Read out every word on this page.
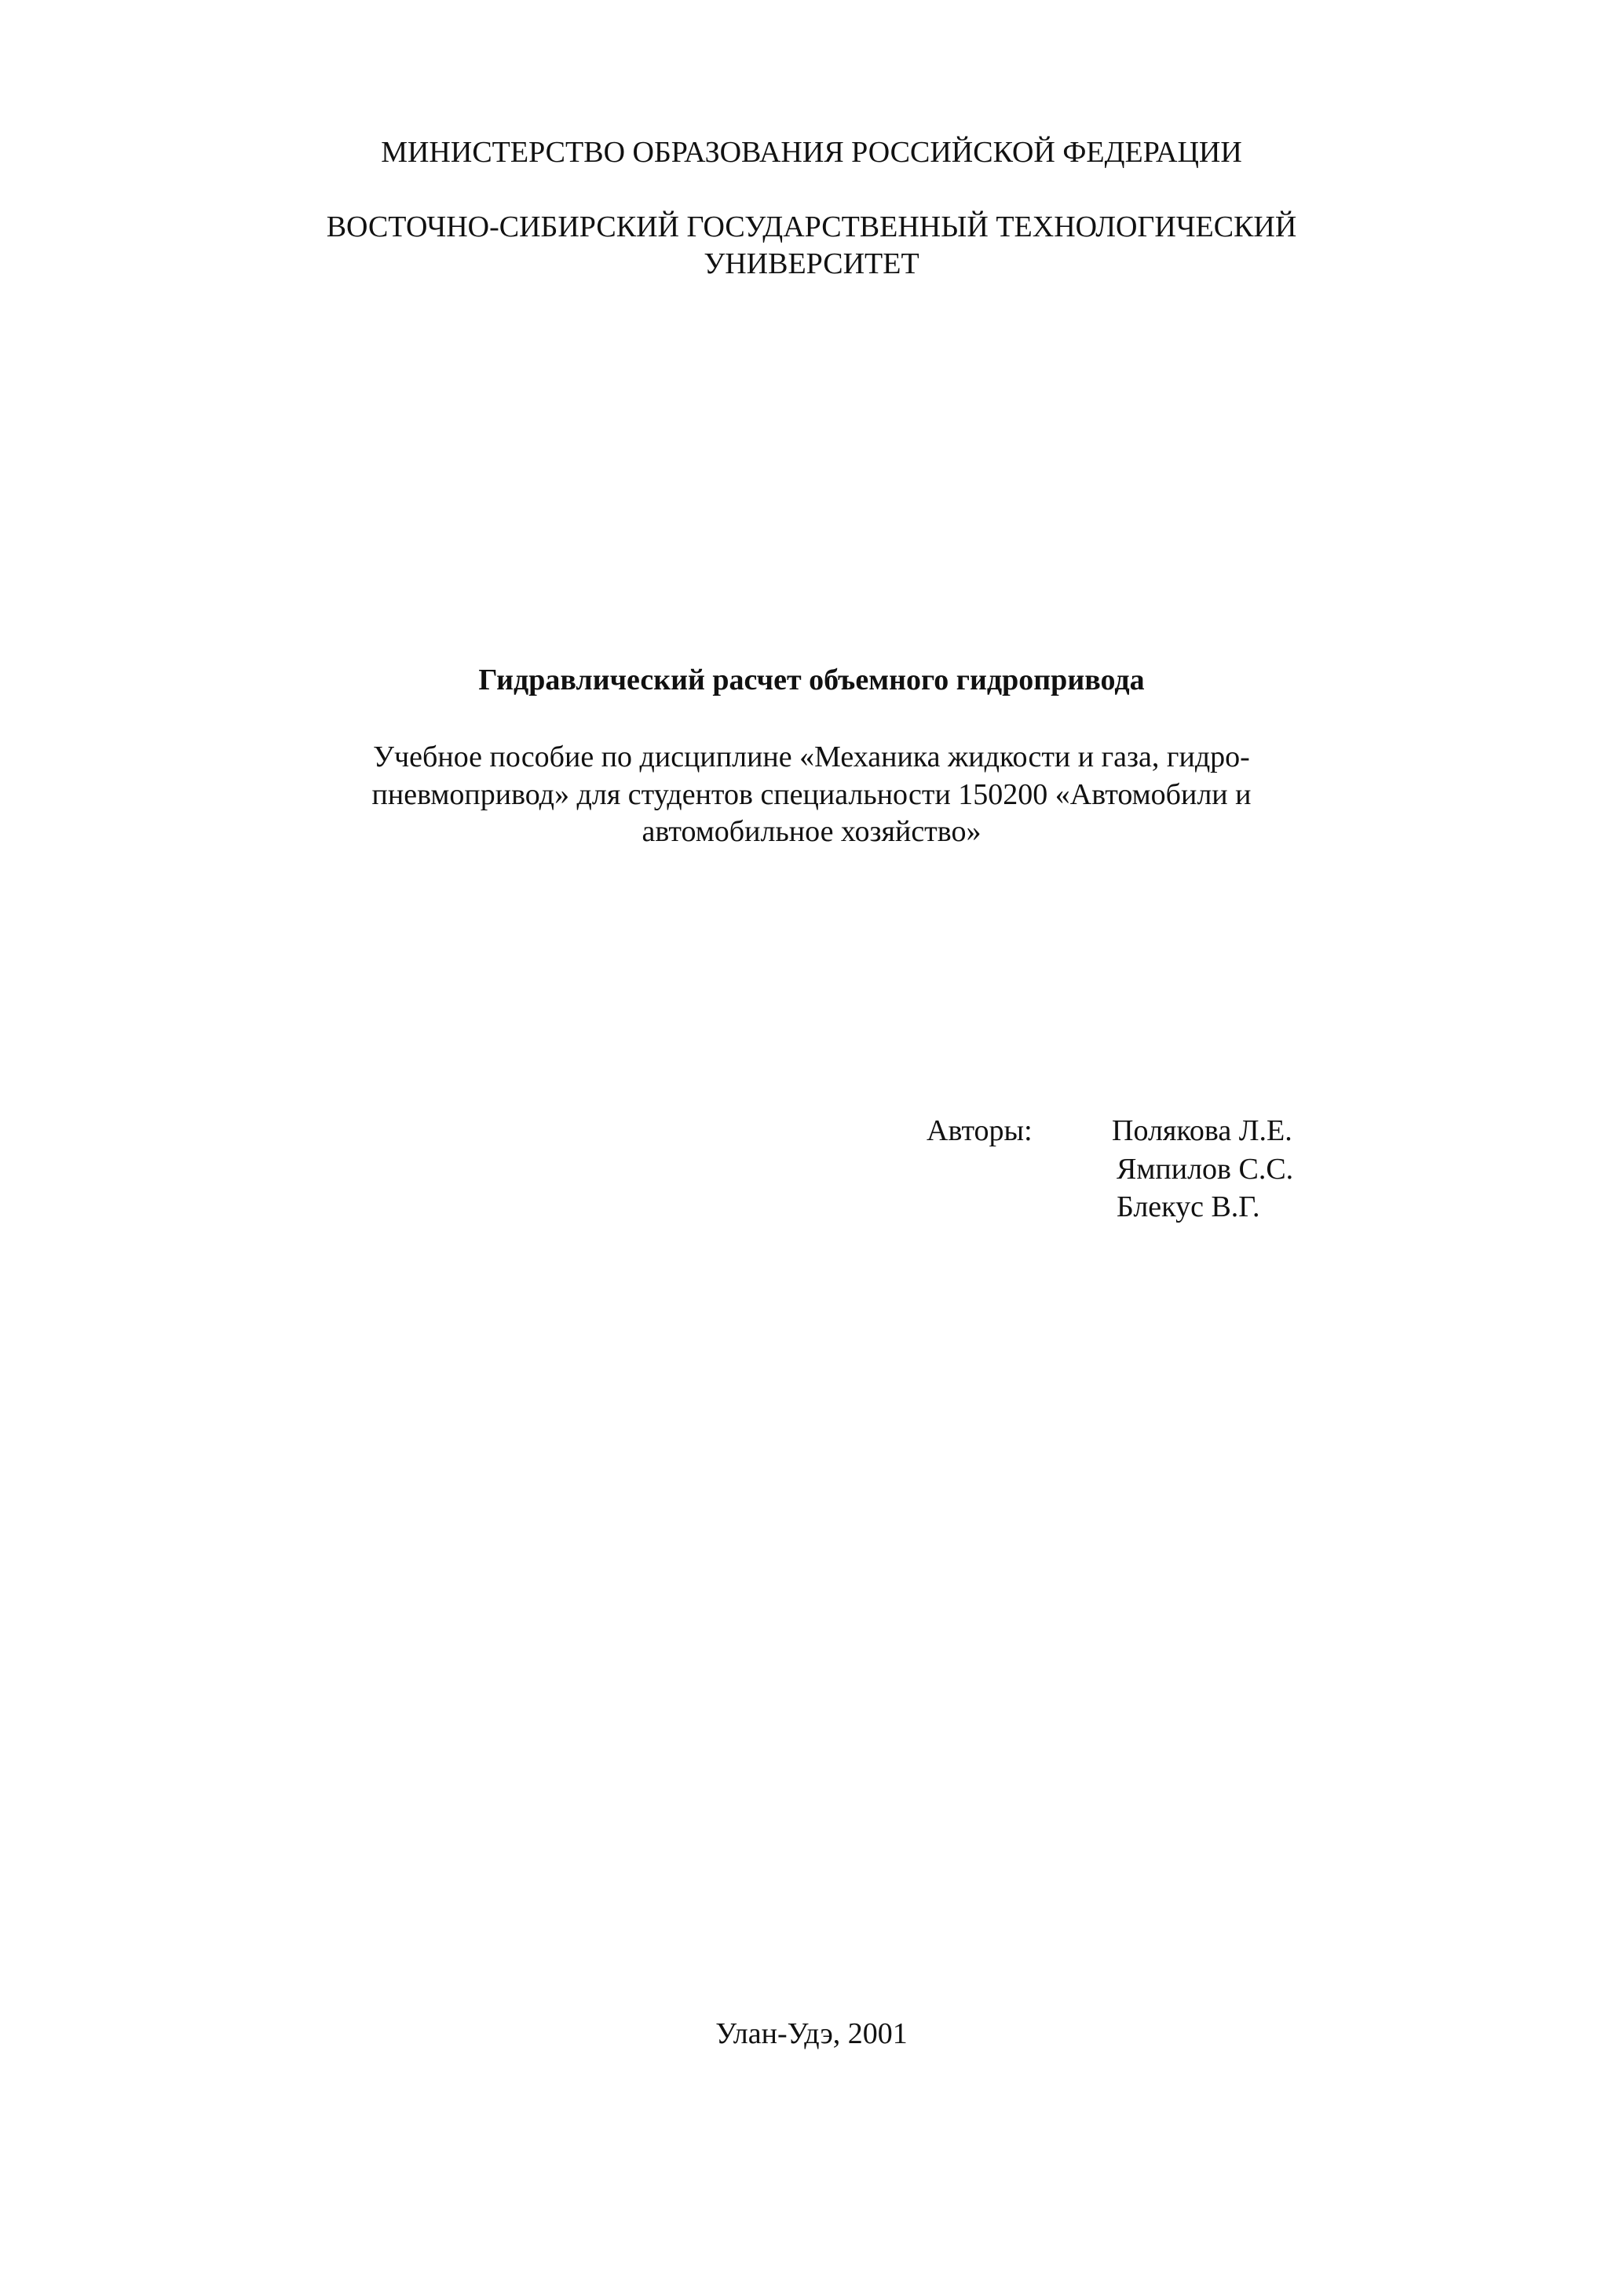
МИНИСТЕРСТВО ОБРАЗОВАНИЯ РОССИЙСКОЙ ФЕДЕРАЦИИ
ВОСТОЧНО-СИБИРСКИЙ ГОСУДАРСТВЕННЫЙ ТЕХНОЛОГИЧЕСКИЙ
УНИВЕРСИТЕТ
Гидравлический расчет объемного гидропривода
Учебное пособие по дисциплине «Механика жидкости и газа, гидро-
пневмопривод» для студентов специальности 150200 «Автомобили и
автомобильное хозяйство»
Авторы:	Полякова Л.Е.
Ямпилов С.С.
Блекус В.Г.
Улан-Удэ, 2001
